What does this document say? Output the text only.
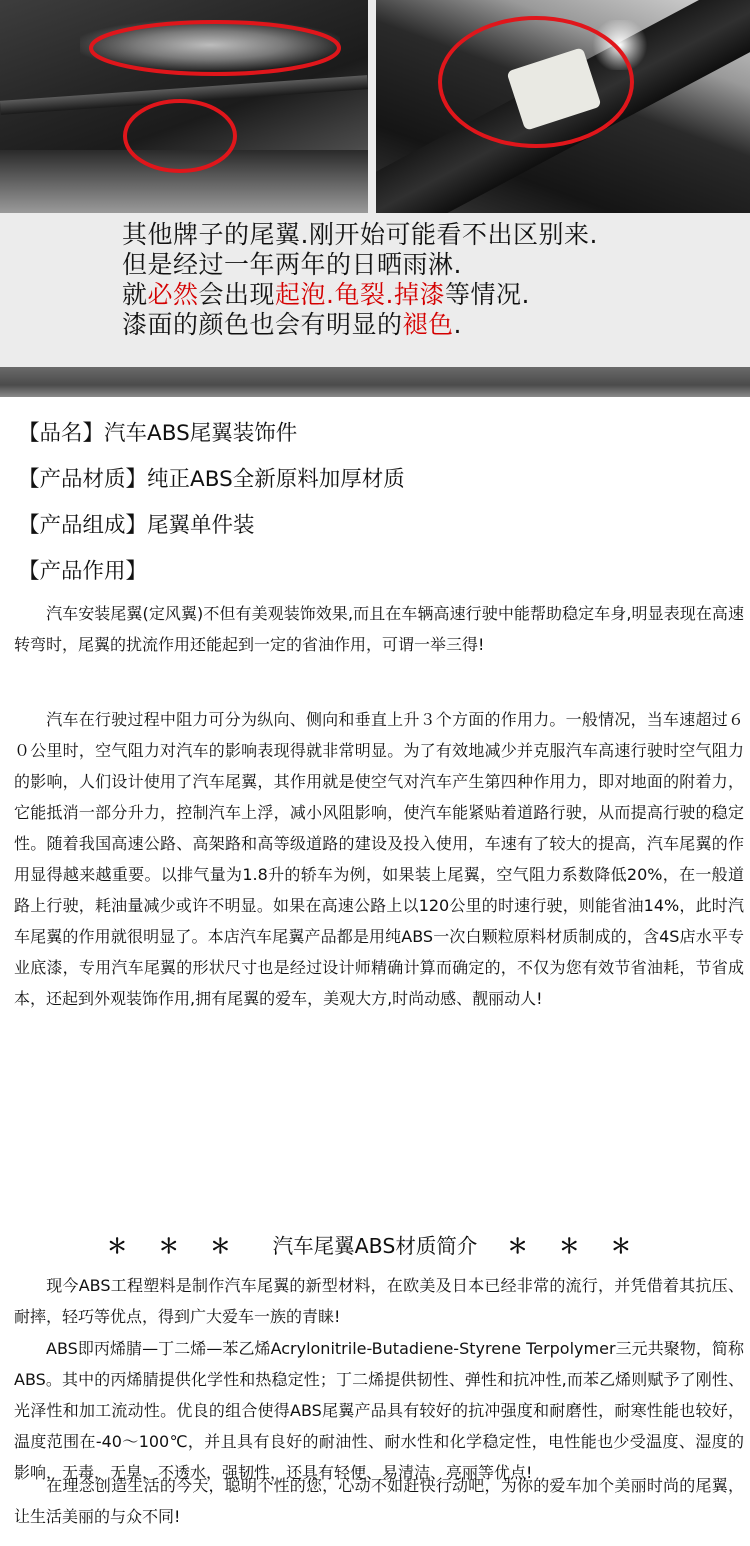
其他牌子的尾翼.刚开始可能看不出区别来.
但是经过一年两年的日晒雨淋.
就必然会出现起泡.龟裂.掉漆等情况.
漆面的颜色也会有明显的褪色.
【品名】汽车ABS尾翼装饰件
【产品材质】纯正ABS全新原料加厚材质
【产品组成】尾翼单件装
【产品作用】
汽车安装尾翼(定风翼)不但有美观装饰效果,而且在车辆高速行驶中能帮助稳定车身,明显表现在高速转弯时，尾翼的扰流作用还能起到一定的省油作用，可谓一举三得!
汽车在行驶过程中阻力可分为纵向、侧向和垂直上升３个方面的作用力。一般情况，当车速超过６０公里时，空气阻力对汽车的影响表现得就非常明显。为了有效地减少并克服汽车高速行驶时空气阻力的影响，人们设计使用了汽车尾翼，其作用就是使空气对汽车产生第四种作用力，即对地面的附着力，它能抵消一部分升力，控制汽车上浮，减小风阻影响，使汽车能紧贴着道路行驶，从而提高行驶的稳定性。随着我国高速公路、高架路和高等级道路的建设及投入使用，车速有了较大的提高，汽车尾翼的作用显得越来越重要。以排气量为1.8升的轿车为例，如果装上尾翼，空气阻力系数降低20%，在一般道路上行驶，耗油量减少或许不明显。如果在高速公路上以120公里的时速行驶，则能省油14%，此时汽车尾翼的作用就很明显了。本店汽车尾翼产品都是用纯ABS一次白颗粒原料材质制成的，含4S店水平专业底漆，专用汽车尾翼的形状尺寸也是经过设计师精确计算而确定的，不仅为您有效节省油耗，节省成本，还起到外观装饰作用,拥有尾翼的爱车，美观大方,时尚动感、靓丽动人!
＊ ＊ ＊ 汽车尾翼ABS材质简介 ＊ ＊ ＊
现今ABS工程塑料是制作汽车尾翼的新型材料，在欧美及日本已经非常的流行，并凭借着其抗压、耐摔，轻巧等优点，得到广大爱车一族的青睐!
ABS即丙烯腈—丁二烯—苯乙烯Acrylonitrile-Butadiene-Styrene Terpolymer三元共聚物，简称ABS。其中的丙烯腈提供化学性和热稳定性；丁二烯提供韧性、弹性和抗冲性,而苯乙烯则赋予了刚性、光泽性和加工流动性。优良的组合使得ABS尾翼产品具有较好的抗冲强度和耐磨性，耐寒性能也较好，温度范围在-40～100℃，并且具有良好的耐油性、耐水性和化学稳定性，电性能也少受温度、湿度的影响，无毒，无臭，不透水，强韧性，还具有轻便、易清洁、亮丽等优点!
在理念创造生活的今天，聪明个性的您，心动不如赶快行动吧，为你的爱车加个美丽时尚的尾翼，让生活美丽的与众不同!
